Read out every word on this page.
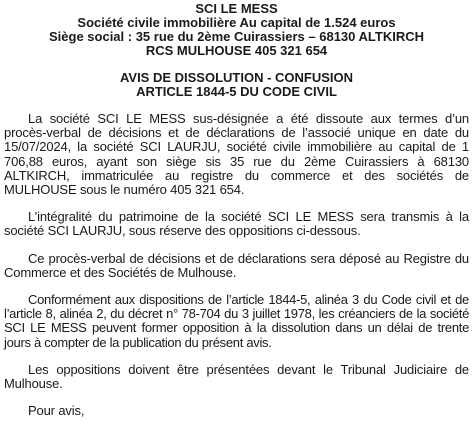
SCI LE MESS
Société civile immobilière Au capital de 1.524 euros
Siège social : 35 rue du 2ème Cuirassiers – 68130 ALTKIRCH
RCS MULHOUSE 405 321 654
AVIS DE DISSOLUTION - CONFUSION
ARTICLE 1844-5 DU CODE CIVIL

La société SCI LE MESS sus-désignée a été dissoute aux termes d’un procès-verbal de décisions et de déclarations de l’associé unique en date du 15/07/2024, la société SCI LAURJU, société civile immobilière au capital de 1 706,88 euros, ayant son siège sis 35 rue du 2ème Cuirassiers à 68130 ALTKIRCH, immatriculée au registre du commerce et des sociétés de MULHOUSE sous le numéro 405 321 654.

L’intégralité du patrimoine de la société SCI LE MESS sera transmis à la société SCI LAURJU, sous réserve des oppositions ci-dessous.

Ce procès-verbal de décisions et de déclarations sera déposé au Registre du Commerce et des Sociétés de Mulhouse.

Conformément aux dispositions de l’article 1844-5, alinéa 3 du Code civil et de l’article 8, alinéa 2, du décret n° 78-704 du 3 juillet 1978, les créanciers de la société SCI LE MESS peuvent former opposition à la dissolution dans un délai de trente jours à compter de la publication du présent avis.

Les oppositions doivent être présentées devant le Tribunal Judiciaire de Mulhouse.

Pour avis,
